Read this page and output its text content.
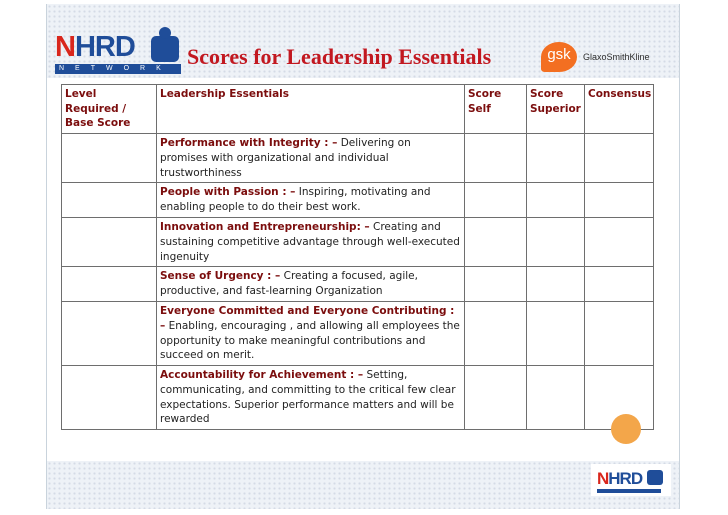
NHRD
NETWORK Scores for Leadership Essentials	gsk	GlaxoSmithKline
Level Required / Base Score	Leadership Essentials	Score Self	Score Superior	Consensus
	Performance with Integrity : – Delivering on promises with organizational and individual trustworthiness			
	People with Passion : – Inspiring, motivating and enabling people to do their best work.			
	Innovation and Entrepreneurship: – Creating and sustaining competitive advantage through well-executed ingenuity			
	Sense of Urgency : – Creating a focused, agile, productive, and fast-learning Organization			
	Everyone Committed and Everyone Contributing : – Enabling, encouraging , and allowing all employees the opportunity to make meaningful contributions and succeed on merit.			
	Accountability for Achievement : – Setting, communicating, and committing to the critical few clear expectations. Superior performance matters and will be rewarded			
NHRD
